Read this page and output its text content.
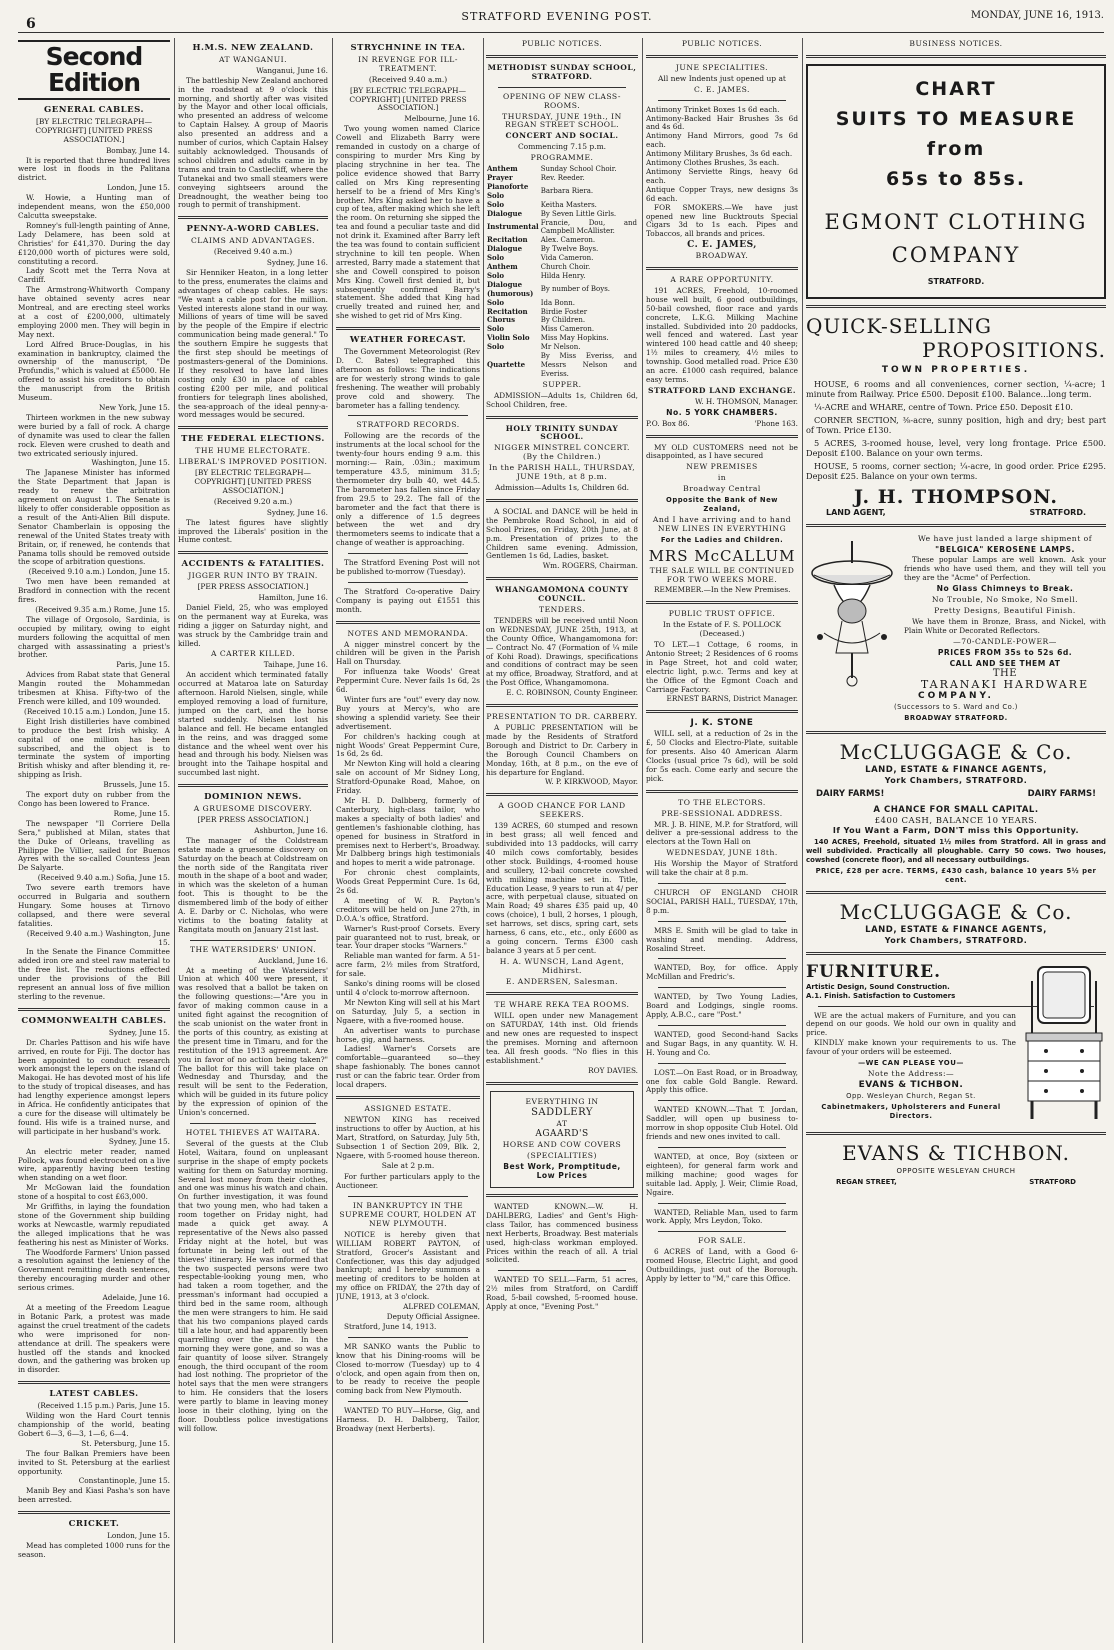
6	STRATFORD EVENING POST.	MONDAY, JUNE 16, 1913.
Second Edition
GENERAL CABLES.
[BY ELECTRIC TELEGRAPH—COPYRIGHT] [UNITED PRESS ASSOCIATION.]
Bombay, June 14.

It is reported that three hundred lives were lost in floods in the Palitana district.

London, June 15.

W. Howie, a Hunting man of independent means, won the £50,000 Calcutta sweepstake.

Romney's full-length painting of Anne, Lady Delamere, has been sold at Christies' for £41,370. During the day £120,000 worth of pictures were sold, constituting a record.

Lady Scott met the Terra Nova at Cardiff.

The Armstrong-Whitworth Company have obtained seventy acres near Montreal, and are erecting steel works at a cost of £200,000, ultimately employing 2000 men. They will begin in May next.

Lord Alfred Bruce-Douglas, in his examination in bankruptcy, claimed the ownership of the manuscript, "De Profundis," which is valued at £5000. He offered to assist his creditors to obtain the manuscript from the British Museum.

New York, June 15.

Thirteen workmen in the new subway were buried by a fall of rock. A charge of dynamite was used to clear the fallen rock. Eleven were crushed to death and two extricated seriously injured.

Washington, June 15.

The Japanese Minister has informed the State Department that Japan is ready to renew the arbitration agreement on August 1. The Senate is likely to offer considerable opposition as a result of the Anti-Alien Bill dispute. Senator Chamberlain is opposing the renewal of the United States treaty with Britain, or, if renewed, he contends that Panama tolls should be removed outside the scope of arbitration questions.

(Received 9.10 a.m.) London, June 15.

Two men have been remanded at Bradford in connection with the recent fires.

(Received 9.35 a.m.) Rome, June 15.

The village of Orgosolo, Sardinia, is occupied by military, owing to eight murders following the acquittal of men charged with assassinating a priest's brother.

Paris, June 15.

Advices from Rabat state that General Mangin routed the Mohammedan tribesmen at Khisa. Fifty-two of the French were killed, and 109 wounded.

(Received 10.15 a.m.) London, June 15.

Eight Irish distilleries have combined to produce the best Irish whisky. A capital of one million has been subscribed, and the object is to terminate the system of importing British whisky and after blending it, re-shipping as Irish.

Brussels, June 15.

The export duty on rubber from the Congo has been lowered to France.

Rome, June 15.

The newspaper "Il Corriere Della Sera," published at Milan, states that the Duke of Orleans, travelling as Philippe De Villier, sailed for Buenos Ayres with the so-called Countess Jean De Salyarte.

(Received 9.40 a.m.) Sofia, June 15.

Two severe earth tremors have occurred in Bulgaria and southern Hungary. Some houses at Tirnovo collapsed, and there were several fatalities.

(Received 9.40 a.m.) Washington, June 15.

In the Senate the Finance Committee added iron ore and steel raw material to the free list. The reductions effected under the provisions of the Bill represent an annual loss of five million sterling to the revenue.

COMMONWEALTH CABLES.
Sydney, June 15.

Dr. Charles Pattison and his wife have arrived, en route for Fiji. The doctor has been appointed to conduct research work amongst the lepers on the island of Makogai. He has devoted most of his life to the study of tropical diseases, and has had lengthy experience amongst lepers in Africa. He confidently anticipates that a cure for the disease will ultimately be found. His wife is a trained nurse, and will participate in her husband's work.

Sydney, June 15.

An electric meter reader, named Pollock, was found electrocuted on a live wire, apparently having been testing when standing on a wet floor.

Mr McGowan laid the foundation stone of a hospital to cost £63,000.

Mr Griffiths, in laying the foundation stone of the Government ship building works at Newcastle, warmly repudiated the alleged implications that he was feathering his nest as Minister of Works.

The Woodforde Farmers' Union passed a resolution against the leniency of the Government remitting death sentences, thereby encouraging murder and other serious crimes.

Adelaide, June 16.

At a meeting of the Freedom League in Botanic Park, a protest was made against the cruel treatment of the cadets who were imprisoned for non-attendance at drill. The speakers were hustled off the stands and knocked down, and the gathering was broken up in disorder.

LATEST CABLES.
(Received 1.15 p.m.) Paris, June 15.

Wilding won the Hard Court tennis championship of the world, beating Gobert 6—3, 6—3, 1—6, 6—4.

St. Petersburg, June 15.

The four Balkan Premiers have been invited to St. Petersburg at the earliest opportunity.

Constantinople, June 15.

Manib Bey and Kiasi Pasha's son have been arrested.

CRICKET.
London, June 15.

Mead has completed 1000 runs for the season.

H.M.S. NEW ZEALAND.
AT WANGANUI.
Wanganui, June 16.

The battleship New Zealand anchored in the roadstead at 9 o'clock this morning, and shortly after was visited by the Mayor and other local officials, who presented an address of welcome to Captain Halsey. A group of Maoris also presented an address and a number of curios, which Captain Halsey suitably acknowledged. Thousands of school children and adults came in by trams and train to Castlecliff, where the Tutanekai and two small steamers were conveying sightseers around the Dreadnought, the weather being too rough to permit of transhipment.

PENNY-A-WORD CABLES.
CLAIMS AND ADVANTAGES.
(Received 9.40 a.m.)
Sydney, June 16.

Sir Henniker Heaton, in a long letter to the press, enumerates the claims and advantages of cheap cables. He says: "We want a cable post for the million. Vested interests alone stand in our way. Millions of years of time will be saved by the people of the Empire if electric communication being made general." To the southern Empire he suggests that the first step should be meetings of postmasters-general of the Dominions. If they resolved to have land lines costing only £30 in place of cables costing £200 per mile, and political frontiers for telegraph lines abolished, the sea-approach of the ideal penny-a-word messages would be secured.

THE FEDERAL ELECTIONS.
THE HUME ELECTORATE.
LIBERAL'S IMPROVED POSITION.
[BY ELECTRIC TELEGRAPH—COPYRIGHT] [UNITED PRESS ASSOCIATION.]
(Received 9.20 a.m.)
Sydney, June 16.

The latest figures have slightly improved the Liberals' position in the Hume contest.

ACCIDENTS & FATALITIES.
JIGGER RUN INTO BY TRAIN.
[PER PRESS ASSOCIATION.]
Hamilton, June 16.

Daniel Field, 25, who was employed on the permanent way at Eureka, was riding a jigger on Saturday night, and was struck by the Cambridge train and killed.

A CARTER KILLED.
Taihape, June 16.

An accident which terminated fatally occurred at Mataroa late on Saturday afternoon. Harold Nielsen, single, while employed removing a load of furniture, jumped on the cart, and the horse started suddenly. Nielsen lost his balance and fell. He became entangled in the reins, and was dragged some distance and the wheel went over his head and through his body. Nielsen was brought into the Taihape hospital and succumbed last night.

DOMINION NEWS.
A GRUESOME DISCOVERY.
[PER PRESS ASSOCIATION.]
Ashburton, June 16.

The manager of the Coldstream estate made a gruesome discovery on Saturday on the beach at Coldstream on the north side of the Rangitata river mouth in the shape of a boot and wader, in which was the skeleton of a human foot. This is thought to be the dismembered limb of the body of either A. E. Darby or C. Nicholas, who were victims to the boating fatality at Rangitata mouth on January 21st last.

THE WATERSIDERS' UNION.
Auckland, June 16.

At a meeting of the Watersiders' Union at which 400 were present, it was resolved that a ballot be taken on the following questions:—"Are you in favor of making common cause in a united fight against the recognition of the scab unionist on the water front in the ports of this country, as existing at the present time in Timaru, and for the restitution of the 1913 agreement. Are you in favor of no action being taken?" The ballot for this will take place on Wednesday and Thursday, and the result will be sent to the Federation, which will be guided in its future policy by the expression of opinion of the Union's concerned.

HOTEL THIEVES AT WAITARA.

Several of the guests at the Club Hotel, Waitara, found on unpleasant surprise in the shape of empty pockets waiting for them on Saturday morning. Several lost money from their clothes, and one was minus his watch and chain. On further investigation, it was found that two young men, who had taken a room together on Friday night, had made a quick get away. A representative of the News also passed Friday night at the hotel, but was fortunate in being left out of the thieves' itinerary. He was informed that the two suspected persons were two respectable-looking young men, who had taken a room together, and the pressman's informant had occupied a third bed in the same room, although the men were strangers to him. He said that his two companions played cards till a late hour, and had apparently been quarrelling over the game. In the morning they were gone, and so was a fair quantity of loose silver. Strangely enough, the third occupant of the room had lost nothing. The proprietor of the hotel says that the men were strangers to him. He considers that the losers were partly to blame in leaving money loose in their clothing, lying on the floor. Doubtless police investigations will follow.

STRYCHNINE IN TEA.
IN REVENGE FOR ILL-TREATMENT.
(Received 9.40 a.m.)
[BY ELECTRIC TELEGRAPH—COPYRIGHT] [UNITED PRESS ASSOCIATION.]
Melbourne, June 16.

Two young women named Clarice Cowell and Elizabeth Barry were remanded in custody on a charge of conspiring to murder Mrs King by placing strychnine in her tea. The police evidence showed that Barry called on Mrs King representing herself to be a friend of Mrs King's brother. Mrs King asked her to have a cup of tea, after making which she left the room. On returning she sipped the tea and found a peculiar taste and did not drink it. Examined after Barry left the tea was found to contain sufficient strychnine to kill ten people. When arrested, Barry made a statement that she and Cowell conspired to poison Mrs King. Cowell first denied it, but subsequently confirmed Barry's statement. She added that King had cruelly treated and ruined her, and she wished to get rid of Mrs King.

WEATHER FORECAST.

The Government Meteorologist (Rev D. C. Bates) telegraphed this afternoon as follows: The indications are for westerly strong winds to gale freshening. The weather will probably prove cold and showery. The barometer has a falling tendency.

STRATFORD RECORDS.

Following are the records of the instruments at the local school for the twenty-four hours ending 9 a.m. this morning:— Rain, .03in.; maximum temperature 43.5, minimum 31.5; thermometer dry bulb 40, wet 44.5. The barometer has fallen since Friday from 29.5 to 29.2. The fall of the barometer and the fact that there is only a difference of 1.5 degrees between the wet and dry thermometers seems to indicate that a change of weather is approaching.

The Stratford Evening Post will not be published to-morrow (Tuesday).

The Stratford Co-operative Dairy Company is paying out £1551 this month.

NOTES AND MEMORANDA.

A nigger minstrel concert by the children will be given in the Parish Hall on Thursday.

For influenza take Woods' Great Peppermint Cure. Never fails 1s 6d, 2s 6d.

Winter furs are "out" every day now. Buy yours at Mercy's, who are showing a splendid variety. See their advertisement.

For children's hacking cough at night Woods' Great Peppermint Cure, 1s 6d, 2s 6d.

Mr Newton King will hold a clearing sale on account of Mr Sidney Long, Stratford-Opunake Road, Mahoe, on Friday.

Mr H. D. Dalbberg, formerly of Canterbury, high-class tailor, who makes a specialty of both ladies' and gentlemen's fashionable clothing, has opened for business in Stratford in premises next to Herbert's, Broadway. Mr Dalbberg brings high testimonials and hopes to merit a wide patronage.

For chronic chest complaints, Woods Great Peppermint Cure. 1s 6d, 2s 6d.

A meeting of W. R. Payton's creditors will be held on June 27th, in D.O.A.'s office, Stratford.

Warner's Rust-proof Corsets. Every pair guaranteed not to rust, break, or tear. Your draper stocks "Warners."

Reliable man wanted for farm. A 51-acre farm, 2½ miles from Stratford, for sale.

Sanko's dining rooms will be closed until 4 o'clock to-morrow afternoon.

Mr Newton King will sell at his Mart on Saturday, July 5, a section in Ngaere, with a five-roomed house.

An advertiser wants to purchase horse, gig, and harness.

Ladies! Warner's Corsets are comfortable—guaranteed so—they shape fashionably. The bones cannot rust or can the fabric tear. Order from local drapers.

ASSIGNED ESTATE.

NEWTON KING has received instructions to offer by Auction, at his Mart, Stratford, on Saturday, July 5th, Subsection 1 of Section 209, Blk. 2, Ngaere, with 5-roomed house thereon.

Sale at 2 p.m.

For further particulars apply to the Auctioneer.

IN BANKRUPTCY IN THE SUPREME COURT, HOLDEN AT NEW PLYMOUTH.

NOTICE is hereby given that WILLIAM ROBERT PAYTON, of Stratford, Grocer's Assistant and Confectioner, was this day adjudged bankrupt; and I hereby summons a meeting of creditors to be holden at my office on FRIDAY, the 27th day of JUNE, 1913, at 3 o'clock.

ALFRED COLEMAN,
Deputy Official Assignee.

Stratford, June 14, 1913.

MR SANKO wants the Public to know that his Dining-rooms will be Closed to-morrow (Tuesday) up to 4 o'clock, and open again from then on, to be ready to receive the people coming back from New Plymouth.

WANTED TO BUY—Horse, Gig, and Harness. D. H. Dalbberg, Tailor, Broadway (next Herberts).

PUBLIC NOTICES.
METHODIST SUNDAY SCHOOL, STRATFORD.
OPENING OF NEW CLASS-ROOMS.
THURSDAY, JUNE 19th., IN REGAN STREET SCHOOL.
CONCERT AND SOCIAL.
Commencing 7.15 p.m.
PROGRAMME.
Anthem	Sunday School Choir.
Prayer	Rev. Reeder.
Pianoforte Solo	Barbara Riera.
Solo	Keitha Masters.
Dialogue	By Seven Little Girls.
Instrumental	Francie, Dou, and Campbell McAllister.
Recitation	Alex. Cameron.
Dialogue	By Twelve Boys.
Solo	Vida Cameron.
Anthem	Church Choir.
Solo	Hilda Henry.
Dialogue (humorous)	By number of Boys.
Solo	Ida Bonn.
Recitation	Birdie Foster
Chorus	By Children.
Solo	Miss Cameron.
Violin Solo	Miss May Hopkins.
Solo	Mr Nelson.
Quartette	By Miss Everiss, and Messrs Nelson and Everiss.
SUPPER.

ADMISSION—Adults 1s, Children 6d, School Children, free.

HOLY TRINITY SUNDAY SCHOOL.
NIGGER MINSTREL CONCERT. (By the Children.)
In the PARISH HALL, THURSDAY, JUNE 19th, at 8 p.m.
Admission—Adults 1s, Children 6d.

A SOCIAL and DANCE will be held in the Pembroke Road School, in aid of School Prizes, on Friday, 20th June, at 8 p.m. Presentation of prizes to the Children same evening. Admission, Gentlemen 1s 6d, Ladies, basket.

Wm. ROGERS, Chairman.
WHANGAMOMONA COUNTY COUNCIL.
TENDERS.

TENDERS will be received until Noon on WEDNESDAY, JUNE 25th, 1913, at the County Office, Whangamomona for:— Contract No. 47 (Formation of ¼ mile of Kohi Road). Drawings, specifications and conditions of contract may be seen at my office, Broadway, Stratford, and at the Post Office, Whangamomona.

E. C. ROBINSON, County Engineer.
PRESENTATION TO DR. CARBERY.

A PUBLIC PRESENTATION will be made by the Residents of Stratford Borough and District to Dr. Carbery in the Borough Council Chambers on Monday, 16th, at 8 p.m., on the eve of his departure for England.

W. P. KIRKWOOD, Mayor.
A GOOD CHANCE FOR LAND SEEKERS.

139 ACRES, 60 stumped and resown in best grass; all well fenced and subdivided into 13 paddocks, will carry 40 milch cows comfortably, besides other stock. Buildings, 4-roomed house and scullery, 12-bail concrete cowshed with milking machine set in. Title, Education Lease, 9 years to run at 4/ per acre, with perpetual clause, situated on Main Road; 49 shares £35 paid up, 40 cows (choice), 1 bull, 2 horses, 1 plough, set harrows, set discs, spring cart, sets harness, 6 cans, etc., etc., only £600 as a going concern. Terms £300 cash balance 3 years at 5 per cent.

H. A. WUNSCH, Land Agent, Midhirst.
E. ANDERSEN, Salesman.
TE WHARE REKA TEA ROOMS.

WILL open under new Management on SATURDAY, 14th inst. Old friends and new ones are requested to inspect the premises. Morning and afternoon tea. All fresh goods. "No flies in this establishment."

ROY DAVIES.
EVERYTHING IN
SADDLERY
AT
AGAARD'S
HORSE AND COW COVERS
(SPECIALITIES)
Best Work, Promptitude, Low Prices

WANTED KNOWN.—W. H. DAHLBERG, Ladies' and Gent's High-class Tailor, has commenced business next Herberts, Broadway. Best materials used, high-class workman employed. Prices within the reach of all. A trial solicited.

WANTED TO SELL—Farm, 51 acres, 2½ miles from Stratford, on Cardiff Road, 5-bail cowshed, 5-roomed house. Apply at once, "Evening Post."

PUBLIC NOTICES.
JUNE SPECIALITIES.
All new Indents just opened up at
C. E. JAMES.
Antimony Trinket Boxes 1s 6d each.
Antimony-Backed Hair Brushes 3s 6d and 4s 6d.
Antimony Hand Mirrors, good 7s 6d each.
Antimony Military Brushes, 3s 6d each.
Antimony Clothes Brushes, 3s each.
Antimony Serviette Rings, heavy 6d each.
Antique Copper Trays, new designs 3s 6d each.

FOR SMOKERS.—We have just opened new line Bucktrouts Special Cigars 3d to 1s each. Pipes and Tobaccos, all brands and prices.

C. E. JAMES,
BROADWAY.
A RARE OPPORTUNITY.

191 ACRES, Freehold, 10-roomed house well built, 6 good outbuildings, 50-bail cowshed, floor race and yards concrete, L.K.G. Milking Machine installed. Subdivided into 20 paddocks, well fenced and watered. Last year wintered 100 head cattle and 40 sheep; 1½ miles to creamery, 4½ miles to township. Good metalled road. Price £30 an acre. £1000 cash required, balance easy terms.

STRATFORD LAND EXCHANGE.
W. H. THOMSON, Manager.
No. 5 YORK CHAMBERS.
P.O. Box 86.	'Phone 163.

MY OLD CUSTOMERS need not be disappointed, as I have secured

NEW PREMISES
in
Broadway Central
Opposite the Bank of New Zealand,
And I have arriving and to hand NEW LINES IN EVERYTHING
For the Ladies and Children.
MRS McCALLUM
THE SALE WILL BE CONTINUED FOR TWO WEEKS MORE.

REMEMBER.—In the New Premises.

PUBLIC TRUST OFFICE.
In the Estate of F. S. POLLOCK (Deceased.)

TO LET.—1 Cottage, 6 rooms, in Antonio Street; 2 Residences of 6 rooms in Page Street, hot and cold water, electric light, p.w.c. Terms and key at the Office of the Egmont Coach and Carriage Factory.

ERNEST BARNS, District Manager.
J. K. STONE

WILL sell, at a reduction of 2s in the £, 50 Clocks and Electro-Plate, suitable for presents. Also 40 American Alarm Clocks (usual price 7s 6d), will be sold for 5s each. Come early and secure the pick.

TO THE ELECTORS.
PRE-SESSIONAL ADDRESS.

MR. J. B. HINE, M.P. for Stratford, will deliver a pre-sessional address to the electors at the Town Hall on

WEDNESDAY, JUNE 18th.

His Worship the Mayor of Stratford will take the chair at 8 p.m.

CHURCH OF ENGLAND CHOIR SOCIAL, PARISH HALL, TUESDAY, 17th, 8 p.m.

MRS E. Smith will be glad to take in washing and mending. Address, Rosalind Street.

WANTED, Boy, for office. Apply McMillan and Fredric's.

WANTED, by Two Young Ladies, Board and Lodgings, single rooms. Apply, A.B.C., care "Post."

WANTED, good Second-hand Sacks and Sugar Bags, in any quantity. W. H. H. Young and Co.

LOST.—On East Road, or in Broadway, one fox cable Gold Bangle. Reward. Apply this office.

WANTED KNOWN.—That T. Jordan, Saddler, will open up business to-morrow in shop opposite Club Hotel. Old friends and new ones invited to call.

WANTED, at once, Boy (sixteen or eighteen), for general farm work and milking machine; good wages for suitable lad. Apply, J. Weir, Climie Road, Ngaire.

WANTED, Reliable Man, used to farm work. Apply, Mrs Leydon, Toko.

FOR SALE.

6 ACRES of Land, with a Good 6-roomed House, Electric Light, and good Outbuildings, just out of the Borough. Apply by letter to "M," care this Office.

BUSINESS NOTICES.
CHART
SUITS TO MEASURE
from
65s to 85s.
EGMONT CLOTHING
COMPANY
STRATFORD.
QUICK-SELLING
PROPOSITIONS.
TOWN PROPERTIES.

HOUSE, 6 rooms and all conveniences, corner section, ¼-acre; 1 minute from Railway. Price £500. Deposit £100. Balance...long term.

¼-ACRE and WHARE, centre of Town. Price £50. Deposit £10.

CORNER SECTION, ⅜-acre, sunny position, high and dry; best part of Town. Price £130.

5 ACRES, 3-roomed house, level, very long frontage. Price £500. Deposit £100. Balance on your own terms.

HOUSE, 5 rooms, corner section; ¼-acre, in good order. Price £295. Deposit £25. Balance on your own terms.

J. H. THOMPSON.
LAND AGENT,	STRATFORD.
We have just landed a large shipment of
"BELGICA" KEROSENE LAMPS.

These popular Lamps are well known. Ask your friends who have used them, and they will tell you they are the "Acme" of Perfection.

No Glass Chimneys to Break.
No Trouble, No Smoke, No Smell.
Pretty Designs, Beautiful Finish.

We have them in Bronze, Brass, and Nickel, with Plain White or Decorated Reflectors.

—70-CANDLE-POWER—
PRICES FROM 35s to 52s 6d.
CALL AND SEE THEM AT
THE
TARANAKI HARDWARE
COMPANY.
(Successors to S. Ward and Co.)
BROADWAY STRATFORD.
McCLUGGAGE & Co.
LAND, ESTATE & FINANCE AGENTS,
York Chambers, STRATFORD.
DAIRY FARMS!	DAIRY FARMS!
A CHANCE FOR SMALL CAPITAL.
£400 CASH, BALANCE 10 YEARS.
If You Want a Farm, DON'T miss this Opportunity.

140 ACRES, Freehold, situated 1½ miles from Stratford. All in grass and well subdivided. Practically all ploughable. Carry 50 cows. Two houses, cowshed (concrete floor), and all necessary outbuildings.

PRICE, £28 per acre. TERMS, £430 cash, balance 10 years 5½ per cent.
McCLUGGAGE & Co.
LAND, ESTATE & FINANCE AGENTS,
York Chambers, STRATFORD.
FURNITURE.
Artistic Design, Sound Construction.
A.1. Finish. Satisfaction to Customers

WE are the actual makers of Furniture, and you can depend on our goods. We hold our own in quality and price.

KINDLY make known your requirements to us. The favour of your orders will be esteemed.

—WE CAN PLEASE YOU—
Note the Address:—
EVANS & TICHBON.
Opp. Wesleyan Church, Regan St.
Cabinetmakers, Upholsterers and Funeral Directors.
EVANS & TICHBON.
OPPOSITE WESLEYAN CHURCH
REGAN STREET,	STRATFORD
